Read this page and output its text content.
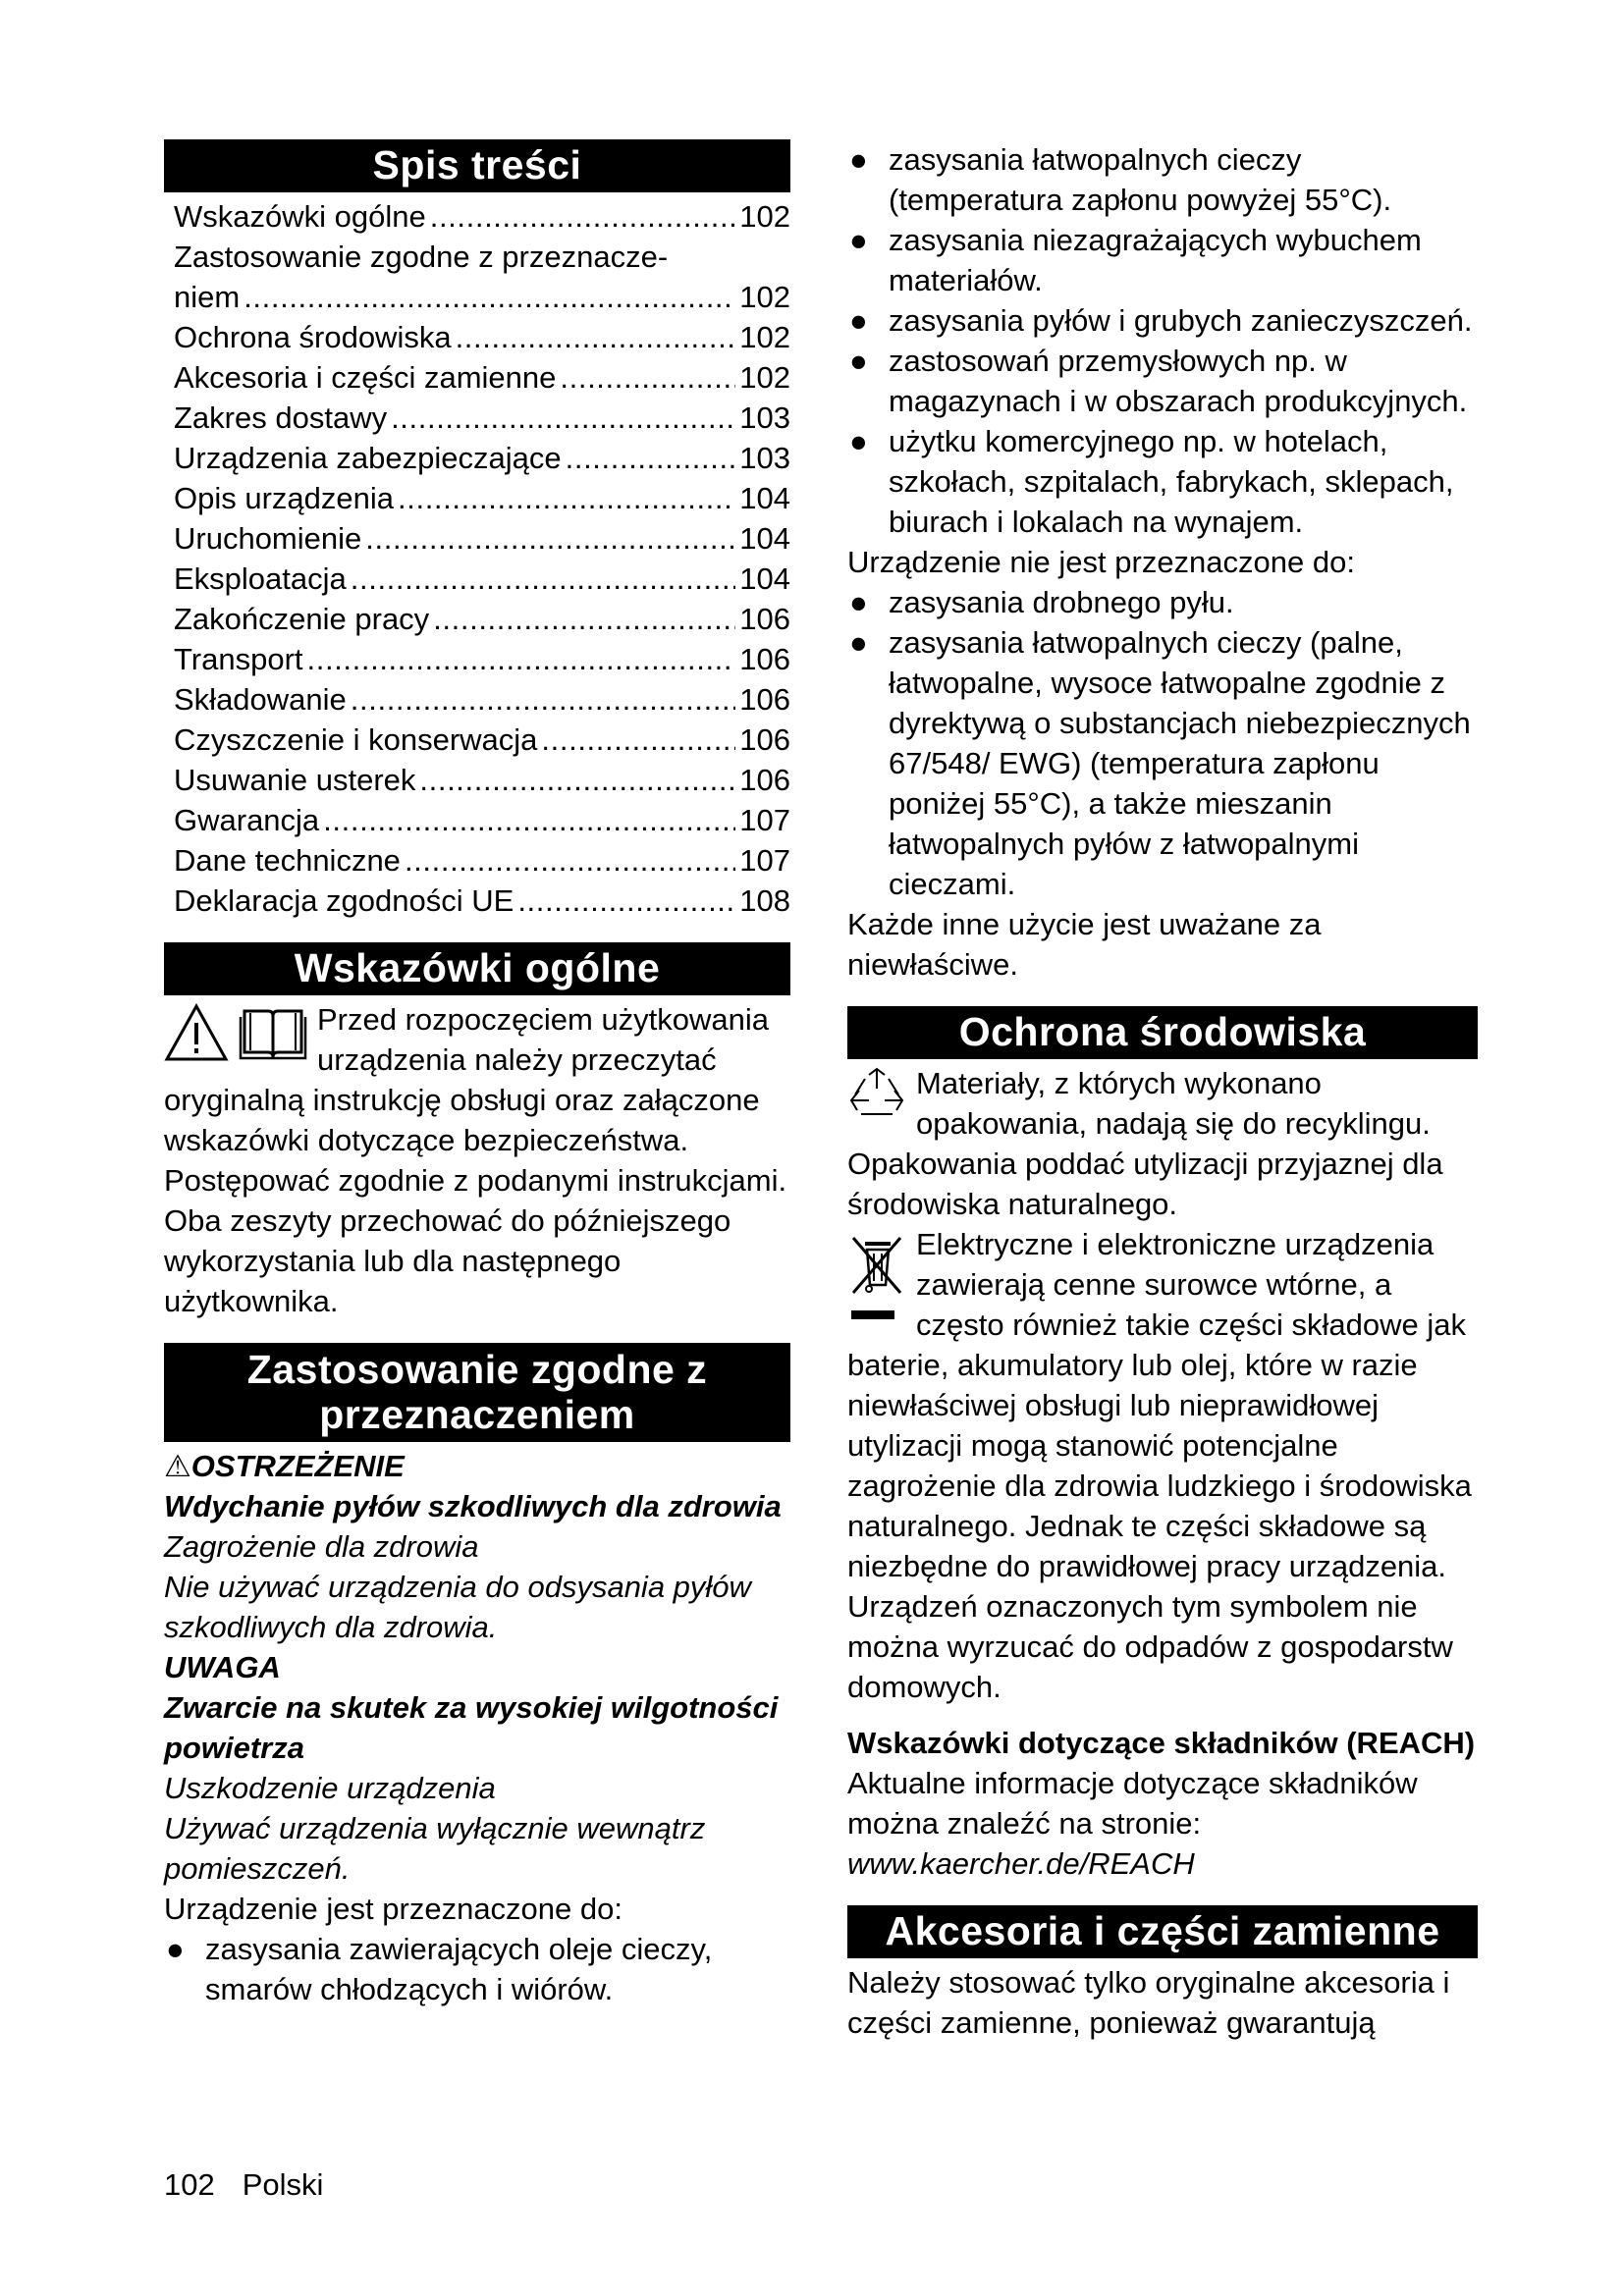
Spis treści
Wskazówki ogólne . . .	102
Zastosowanie zgodne z przeznacze-
niem . . .	102
Ochrona środowiska . . .	102
Akcesoria i części zamienne . . .	102
Zakres dostawy . . .	103
Urządzenia zabezpieczające . . .	103
Opis urządzenia . . .	104
Uruchomienie . . .	104
Eksploatacja . . .	104
Zakończenie pracy . . .	106
Transport . . .	106
Składowanie . . .	106
Czyszczenie i konserwacja . . .	106
Usuwanie usterek . . .	106
Gwarancja . . .	107
Dane techniczne . . .	107
Deklaracja zgodności UE . . .	108
Wskazówki ogólne

Przed rozpoczęciem użytkowania urządzenia należy przeczytać oryginalną instrukcję obsługi oraz załączone wskazówki dotyczące bezpieczeństwa. Postępować zgodnie z podanymi instrukcjami.

Oba zeszyty przechować do późniejszego wykorzystania lub dla następnego użytkownika.

Zastosowanie zgodne z
przeznaczeniem

⚠OSTRZEŻENIE

Wdychanie pyłów szkodliwych dla zdrowia

Zagrożenie dla zdrowia

Nie używać urządzenia do odsysania pyłów szkodliwych dla zdrowia.

UWAGA

Zwarcie na skutek za wysokiej wilgotności powietrza

Uszkodzenie urządzenia

Używać urządzenia wyłącznie wewnątrz pomieszczeń.

Urządzenie jest przeznaczone do:

● zasysania zawierających oleje cieczy, smarów chłodzących i wiórów.
● zasysania łatwopalnych cieczy (temperatura zapłonu powyżej 55°C).
● zasysania niezagrażających wybuchem materiałów.
● zasysania pyłów i grubych zanieczyszczeń.
● zastosowań przemysłowych np. w magazynach i w obszarach produkcyjnych.
● użytku komercyjnego np. w hotelach, szkołach, szpitalach, fabrykach, sklepach, biurach i lokalach na wynajem.

Urządzenie nie jest przeznaczone do:

● zasysania drobnego pyłu.
● zasysania łatwopalnych cieczy (palne, łatwopalne, wysoce łatwopalne zgodnie z dyrektywą o substancjach niebezpiecznych 67/548/ EWG) (temperatura zapłonu poniżej 55°C), a także mieszanin łatwopalnych pyłów z łatwopalnymi cieczami.

Każde inne użycie jest uważane za niewłaściwe.

Ochrona środowiska

Materiały, z których wykonano opakowania, nadają się do recyklingu. Opakowania poddać utylizacji przyjaznej dla środowiska naturalnego.

Elektryczne i elektroniczne urządzenia zawierają cenne surowce wtórne, a często również takie części składowe jak baterie, akumulatory lub olej, które w razie niewłaściwej obsługi lub nieprawidłowej utylizacji mogą stanowić potencjalne zagrożenie dla zdrowia ludzkiego i środowiska naturalnego. Jednak te części składowe są niezbędne do prawidłowej pracy urządzenia. Urządzeń oznaczonych tym symbolem nie można wyrzucać do odpadów z gospodarstw domowych.

Wskazówki dotyczące składników (REACH)

Aktualne informacje dotyczące składników można znaleźć na stronie: www.kaercher.de/REACH

Akcesoria i części zamienne

Należy stosować tylko oryginalne akcesoria i części zamienne, ponieważ gwarantują

102 Polski
